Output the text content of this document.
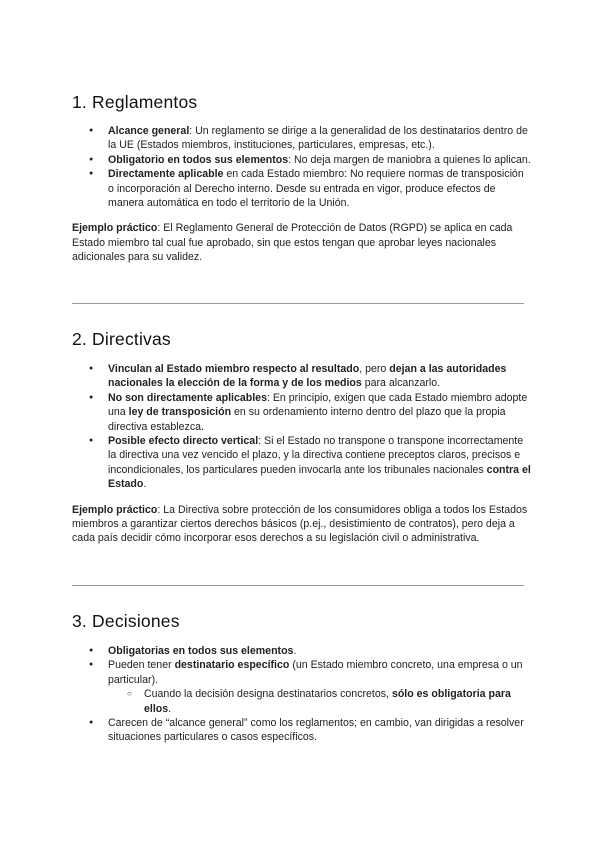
1. Reglamentos
● Alcance general: Un reglamento se dirige a la generalidad de los destinatarios dentro de la UE (Estados miembros, instituciones, particulares, empresas, etc.).
● Obligatorio en todos sus elementos: No deja margen de maniobra a quienes lo aplican.
● Directamente aplicable en cada Estado miembro: No requiere normas de transposición o incorporación al Derecho interno. Desde su entrada en vigor, produce efectos de manera automática en todo el territorio de la Unión.

Ejemplo práctico: El Reglamento General de Protección de Datos (RGPD) se aplica en cada Estado miembro tal cual fue aprobado, sin que estos tengan que aprobar leyes nacionales adicionales para su validez.

2. Directivas
● Vinculan al Estado miembro respecto al resultado, pero dejan a las autoridades nacionales la elección de la forma y de los medios para alcanzarlo.
● No son directamente aplicables: En principio, exigen que cada Estado miembro adopte una ley de transposición en su ordenamiento interno dentro del plazo que la propia directiva establezca.
● Posible efecto directo vertical: Si el Estado no transpone o transpone incorrectamente la directiva una vez vencido el plazo, y la directiva contiene preceptos claros, precisos e incondicionales, los particulares pueden invocarla ante los tribunales nacionales contra el Estado.

Ejemplo práctico: La Directiva sobre protección de los consumidores obliga a todos los Estados miembros a garantizar ciertos derechos básicos (p.ej., desistimiento de contratos), pero deja a cada país decidir cómo incorporar esos derechos a su legislación civil o administrativa.

3. Decisiones
● Obligatorias en todos sus elementos.
● Pueden tener destinatario específico (un Estado miembro concreto, una empresa o un particular).
○ Cuando la decisión designa destinatarios concretos, sólo es obligatoria para ellos.
● Carecen de “alcance general” como los reglamentos; en cambio, van dirigidas a resolver situaciones particulares o casos específicos.
